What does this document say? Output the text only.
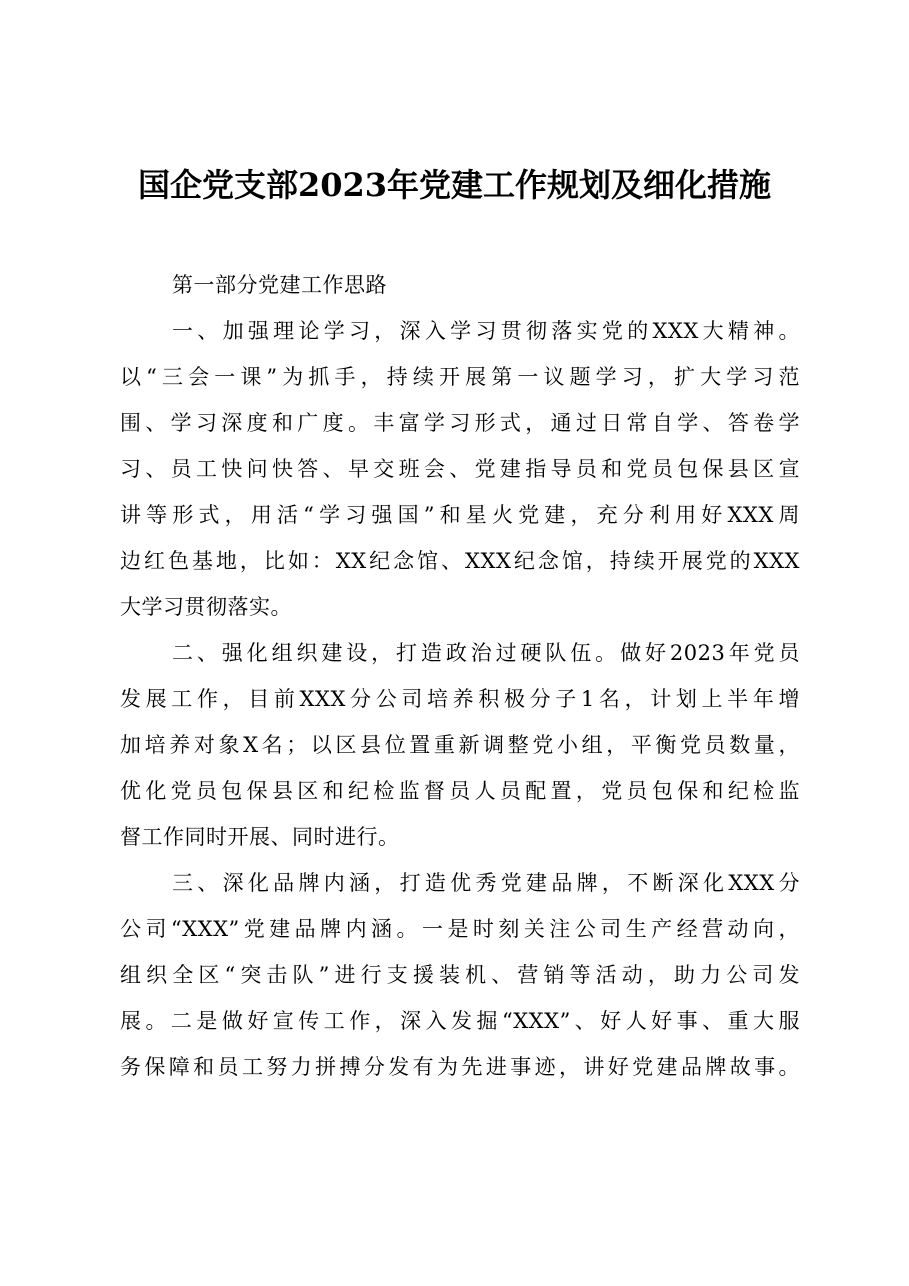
国企党支部2023年党建工作规划及细化措施
第一部分党建工作思路
一、加强理论学习，深入学习贯彻落实党的XXX大精神。
以“三会一课”为抓手，持续开展第一议题学习，扩大学习范
围、学习深度和广度。丰富学习形式，通过日常自学、答卷学
习、员工快问快答、早交班会、党建指导员和党员包保县区宣
讲等形式，用活“学习强国”和星火党建，充分利用好XXX周
边红色基地，比如：XX纪念馆、XXX纪念馆，持续开展党的XXX
大学习贯彻落实。
二、强化组织建设，打造政治过硬队伍。做好2023年党员
发展工作，目前XXX分公司培养积极分子1名，计划上半年增
加培养对象X名；以区县位置重新调整党小组，平衡党员数量，
优化党员包保县区和纪检监督员人员配置，党员包保和纪检监
督工作同时开展、同时进行。
三、深化品牌内涵，打造优秀党建品牌，不断深化XXX分
公司“XXX”党建品牌内涵。一是时刻关注公司生产经营动向，
组织全区“突击队”进行支援装机、营销等活动，助力公司发
展。二是做好宣传工作，深入发掘“XXX”、好人好事、重大服
务保障和员工努力拼搏分发有为先进事迹，讲好党建品牌故事。
